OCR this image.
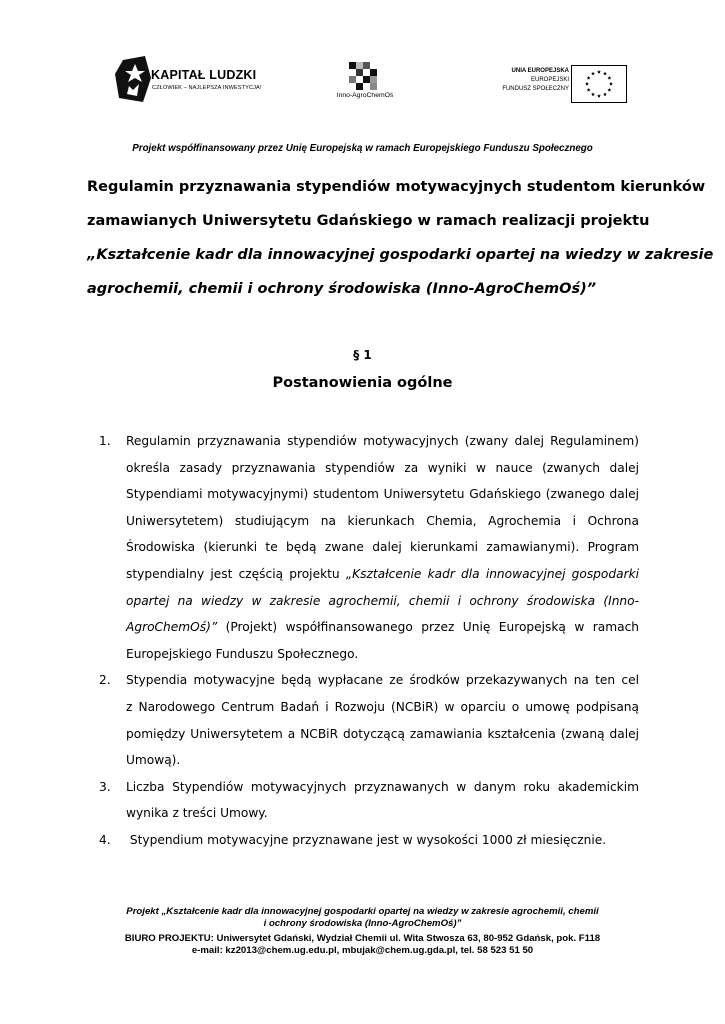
KAPITAŁ LUDZKI
CZŁOWIEK – NAJLEPSZA INWESTYCJA!
Inno-AgroChemOś
UNIA EUROPEJSKA
EUROPEJSKI
FUNDUSZ SPOŁECZNY
Projekt współfinansowany przez Unię Europejską w ramach Europejskiego Funduszu Społecznego
Regulamin przyznawania stypendiów motywacyjnych studentom kierunków
zamawianych Uniwersytetu Gdańskiego w ramach realizacji projektu
„Kształcenie kadr dla innowacyjnej gospodarki opartej na wiedzy w zakresie
agrochemii, chemii i ochrony środowiska (Inno-AgroChemOś)”
§ 1
Postanowienia ogólne
1. Regulamin przyznawania stypendiów motywacyjnych (zwany dalej Regulaminem)
określa zasady przyznawania stypendiów za wyniki w nauce (zwanych dalej
Stypendiami motywacyjnymi) studentom Uniwersytetu Gdańskiego (zwanego dalej
Uniwersytetem) studiującym na kierunkach Chemia, Agrochemia i Ochrona
Środowiska (kierunki te będą zwane dalej kierunkami zamawianymi). Program
stypendialny jest częścią projektu „Kształcenie kadr dla innowacyjnej gospodarki
opartej na wiedzy w zakresie agrochemii, chemii i ochrony środowiska (Inno-
AgroChemOś)” (Projekt) współfinansowanego przez Unię Europejską w ramach
Europejskiego Funduszu Społecznego.
2. Stypendia motywacyjne będą wypłacane ze środków przekazywanych na ten cel
z Narodowego Centrum Badań i Rozwoju (NCBiR) w oparciu o umowę podpisaną
pomiędzy Uniwersytetem a NCBiR dotyczącą zamawiania kształcenia (zwaną dalej
Umową).
3. Liczba Stypendiów motywacyjnych przyznawanych w danym roku akademickim
wynika z treści Umowy.
4. Stypendium motywacyjne przyznawane jest w wysokości 1000 zł miesięcznie.
Projekt „Kształcenie kadr dla innowacyjnej gospodarki opartej na wiedzy w zakresie agrochemii, chemii
i ochrony środowiska (Inno-AgroChemOś)”
BIURO PROJEKTU: Uniwersytet Gdański, Wydział Chemii ul. Wita Stwosza 63, 80-952 Gdańsk, pok. F118
e-mail: kz2013@chem.ug.edu.pl, mbujak@chem.ug.gda.pl, tel. 58 523 51 50
